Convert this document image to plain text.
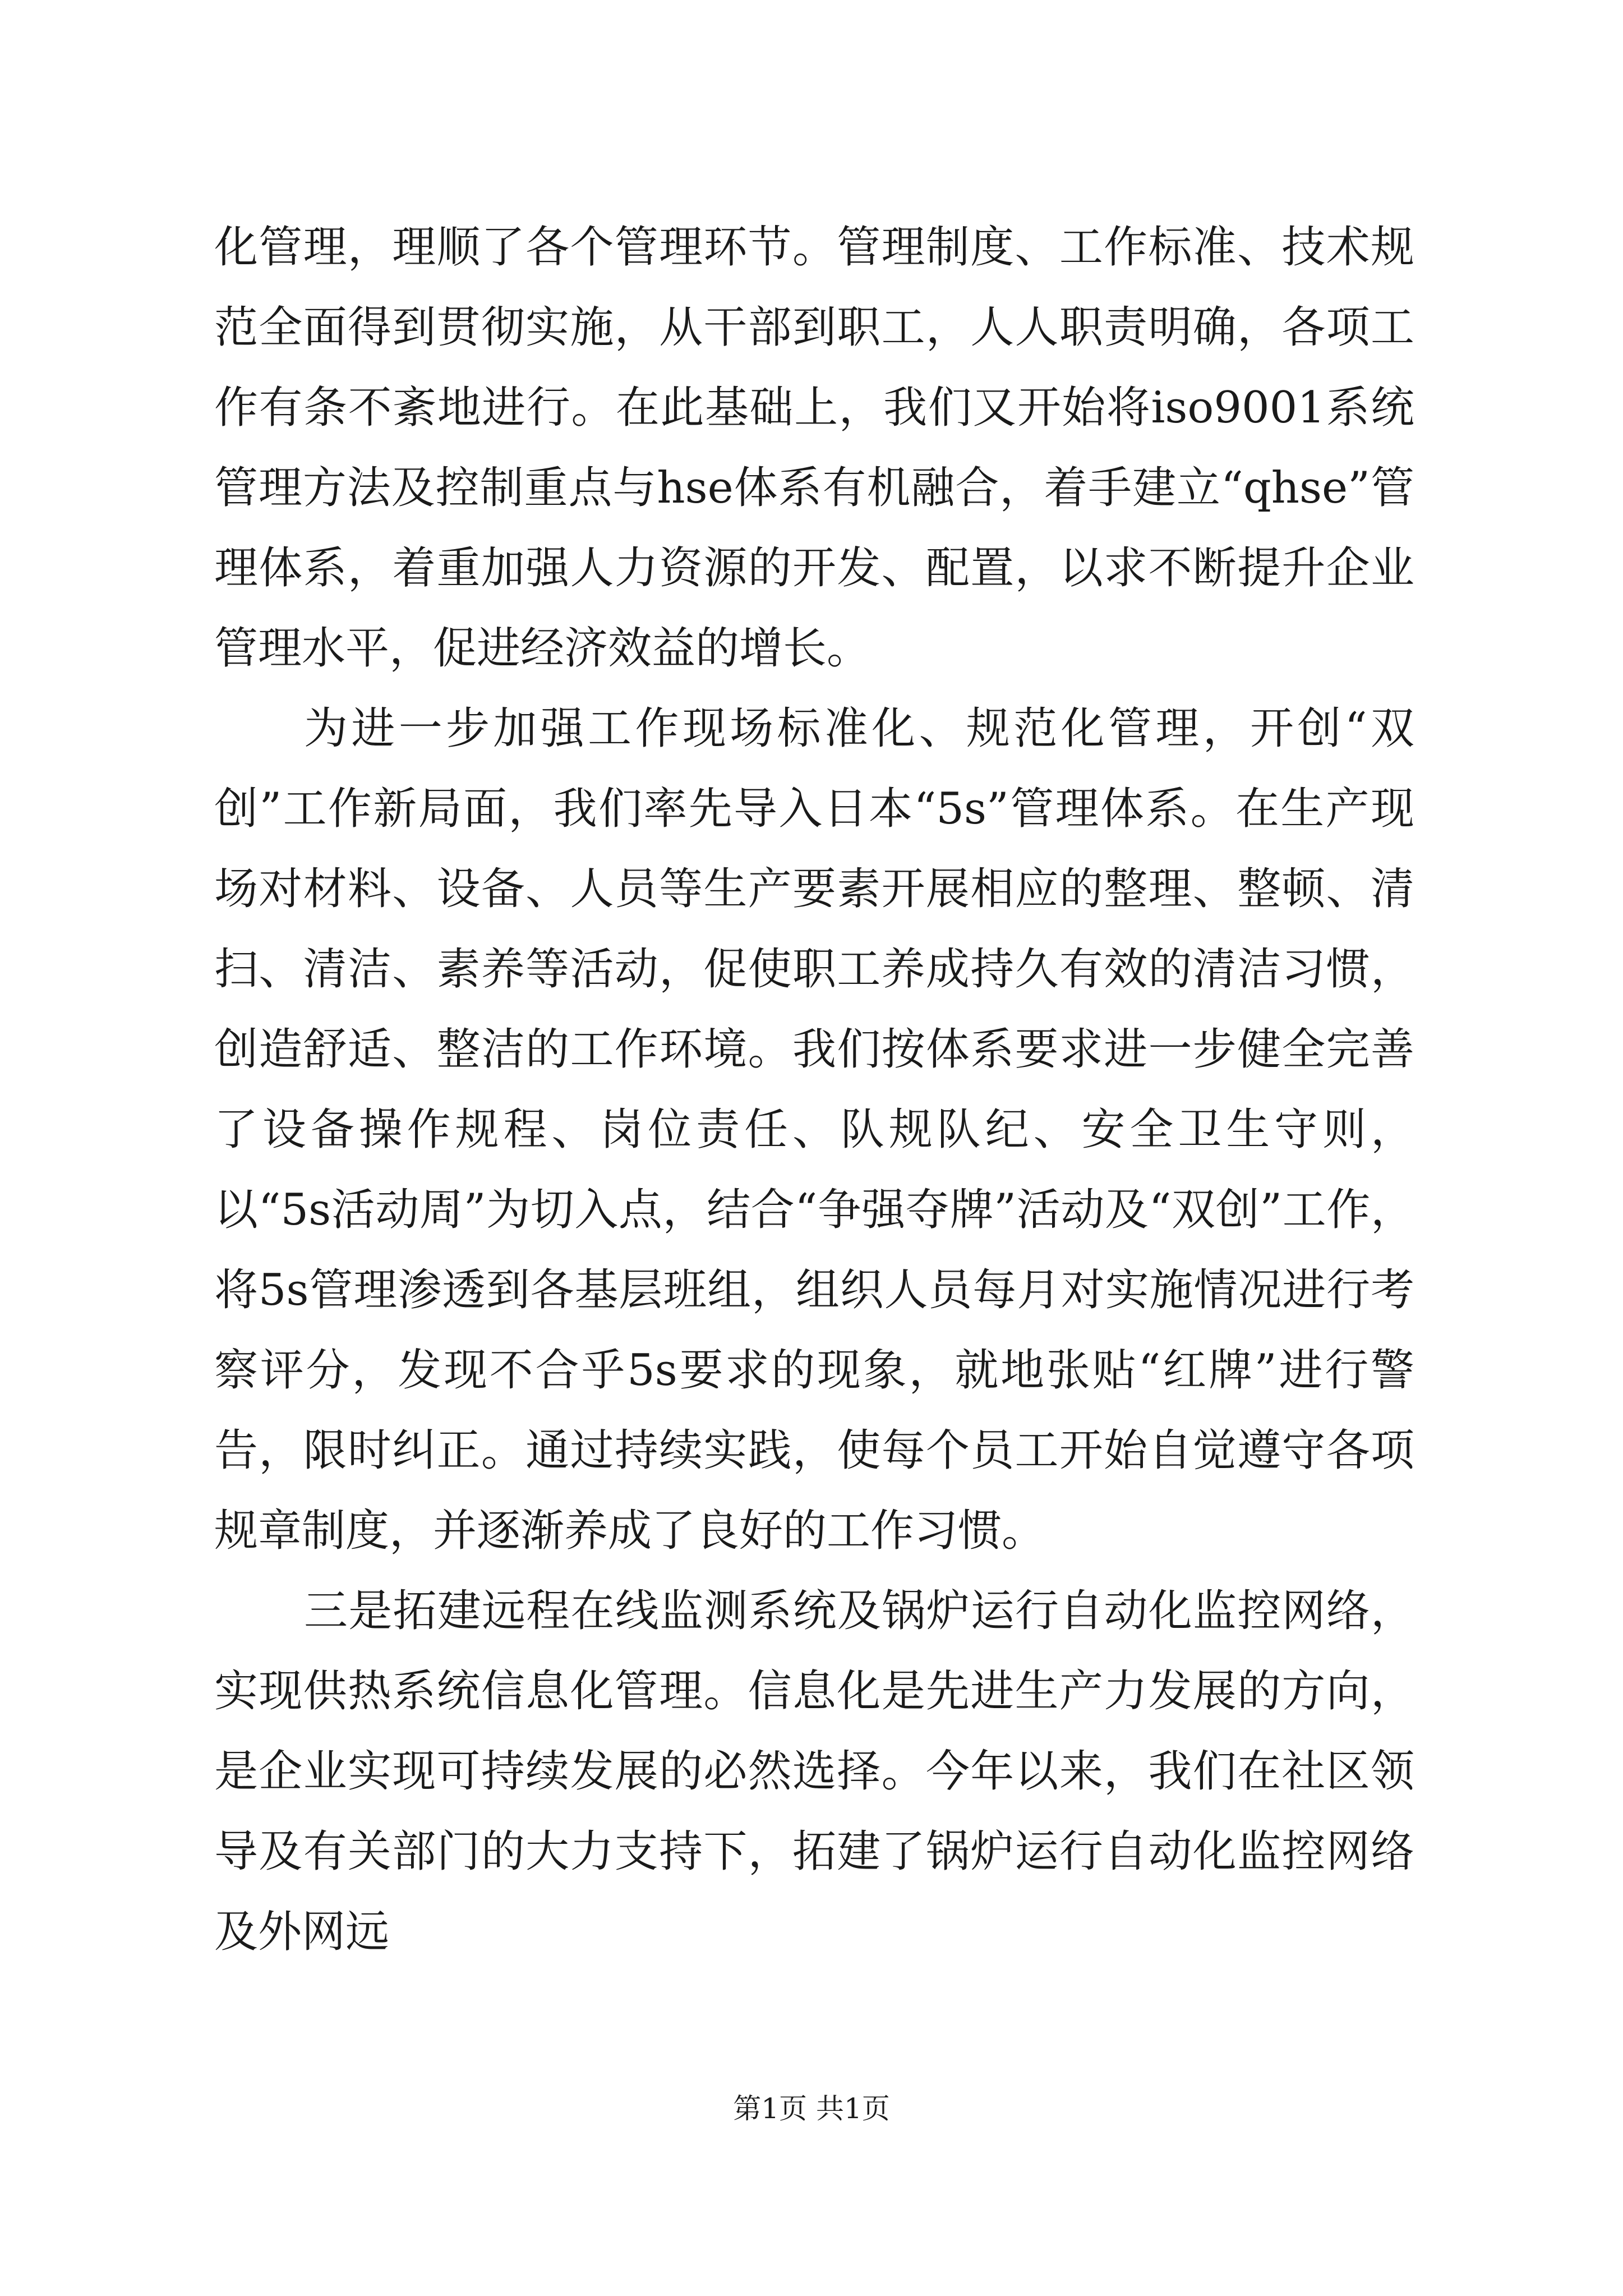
化管理，理顺了各个管理环节。管理制度、工作标准、技术规范全面得到贯彻实施，从干部到职工，人人职责明确，各项工作有条不紊地进行。在此基础上，我们又开始将iso9001系统管理方法及控制重点与hse体系有机融合，着手建立“qhse”管理体系，着重加强人力资源的开发、配置，以求不断提升企业管理水平，促进经济效益的增长。

为进一步加强工作现场标准化、规范化管理，开创“双创”工作新局面，我们率先导入日本“5s”管理体系。在生产现场对材料、设备、人员等生产要素开展相应的整理、整顿、清扫、清洁、素养等活动，促使职工养成持久有效的清洁习惯，创造舒适、整洁的工作环境。我们按体系要求进一步健全完善了设备操作规程、岗位责任、队规队纪、安全卫生守则，以“5s活动周”为切入点，结合“争强夺牌”活动及“双创”工作，将5s管理渗透到各基层班组，组织人员每月对实施情况进行考察评分，发现不合乎5s要求的现象，就地张贴“红牌”进行警告，限时纠正。通过持续实践，使每个员工开始自觉遵守各项规章制度，并逐渐养成了良好的工作习惯。

三是拓建远程在线监测系统及锅炉运行自动化监控网络，实现供热系统信息化管理。信息化是先进生产力发展的方向，是企业实现可持续发展的必然选择。今年以来，我们在社区领导及有关部门的大力支持下，拓建了锅炉运行自动化监控网络及外网远

第1页 共1页
